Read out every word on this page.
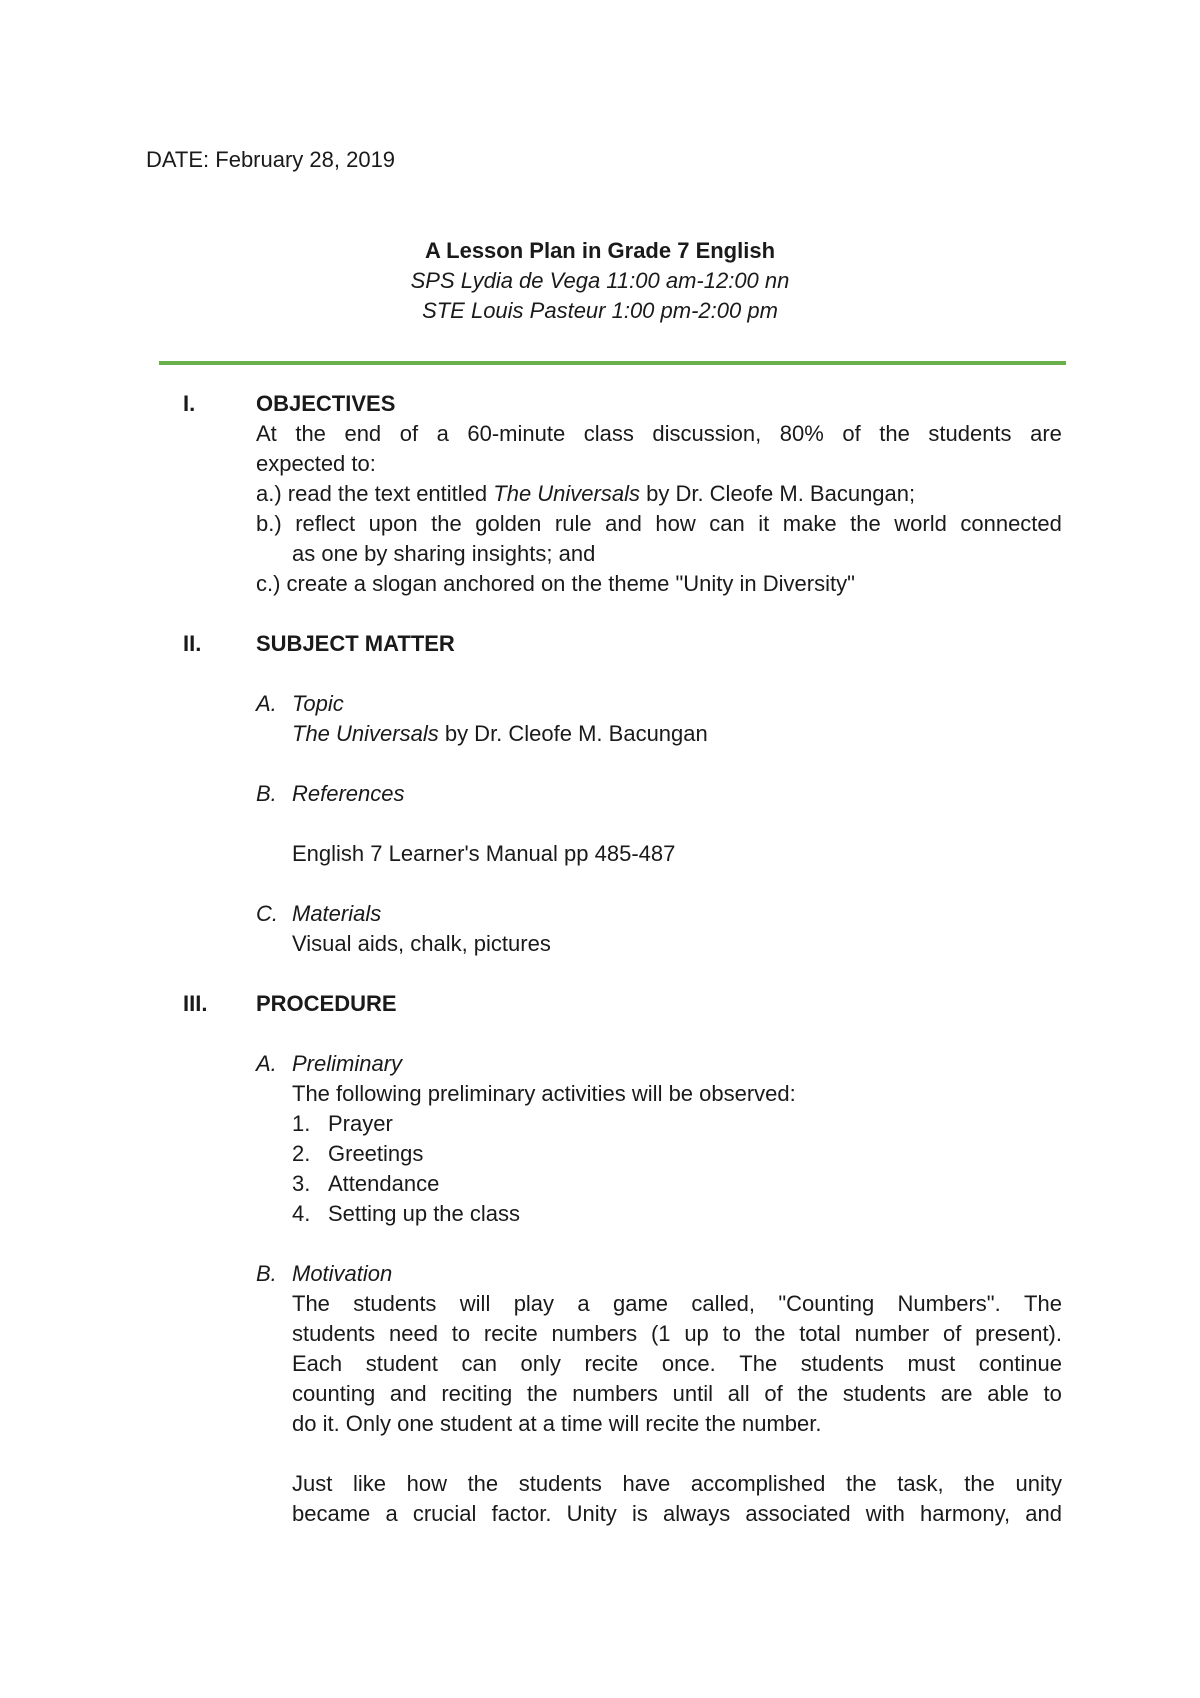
DATE: February 28, 2019
A Lesson Plan in Grade 7 English
SPS Lydia de Vega 11:00 am-12:00 nn
STE Louis Pasteur 1:00 pm-2:00 pm
I.	OBJECTIVES
At the end of a 60-minute class discussion, 80% of the students are
expected to:
a.) read the text entitled The Universals by Dr. Cleofe M. Bacungan;
b.) reflect upon the golden rule and how can it make the world connected
as one by sharing insights; and
c.) create a slogan anchored on the theme "Unity in Diversity"
II. SUBJECT MATTER
A. Topic
The Universals by Dr. Cleofe M. Bacungan
B. References
English 7 Learner's Manual pp 485-487
C. Materials
Visual aids, chalk, pictures
III. PROCEDURE
A. Preliminary
The following preliminary activities will be observed:
1. Prayer
2. Greetings
3. Attendance
4. Setting up the class
B. Motivation
The students will play a game called, "Counting Numbers". The
students need to recite numbers (1 up to the total number of present).
Each student can only recite once. The students must continue
counting and reciting the numbers until all of the students are able to
do it. Only one student at a time will recite the number.
Just like how the students have accomplished the task, the unity
became a crucial factor. Unity is always associated with harmony, and
